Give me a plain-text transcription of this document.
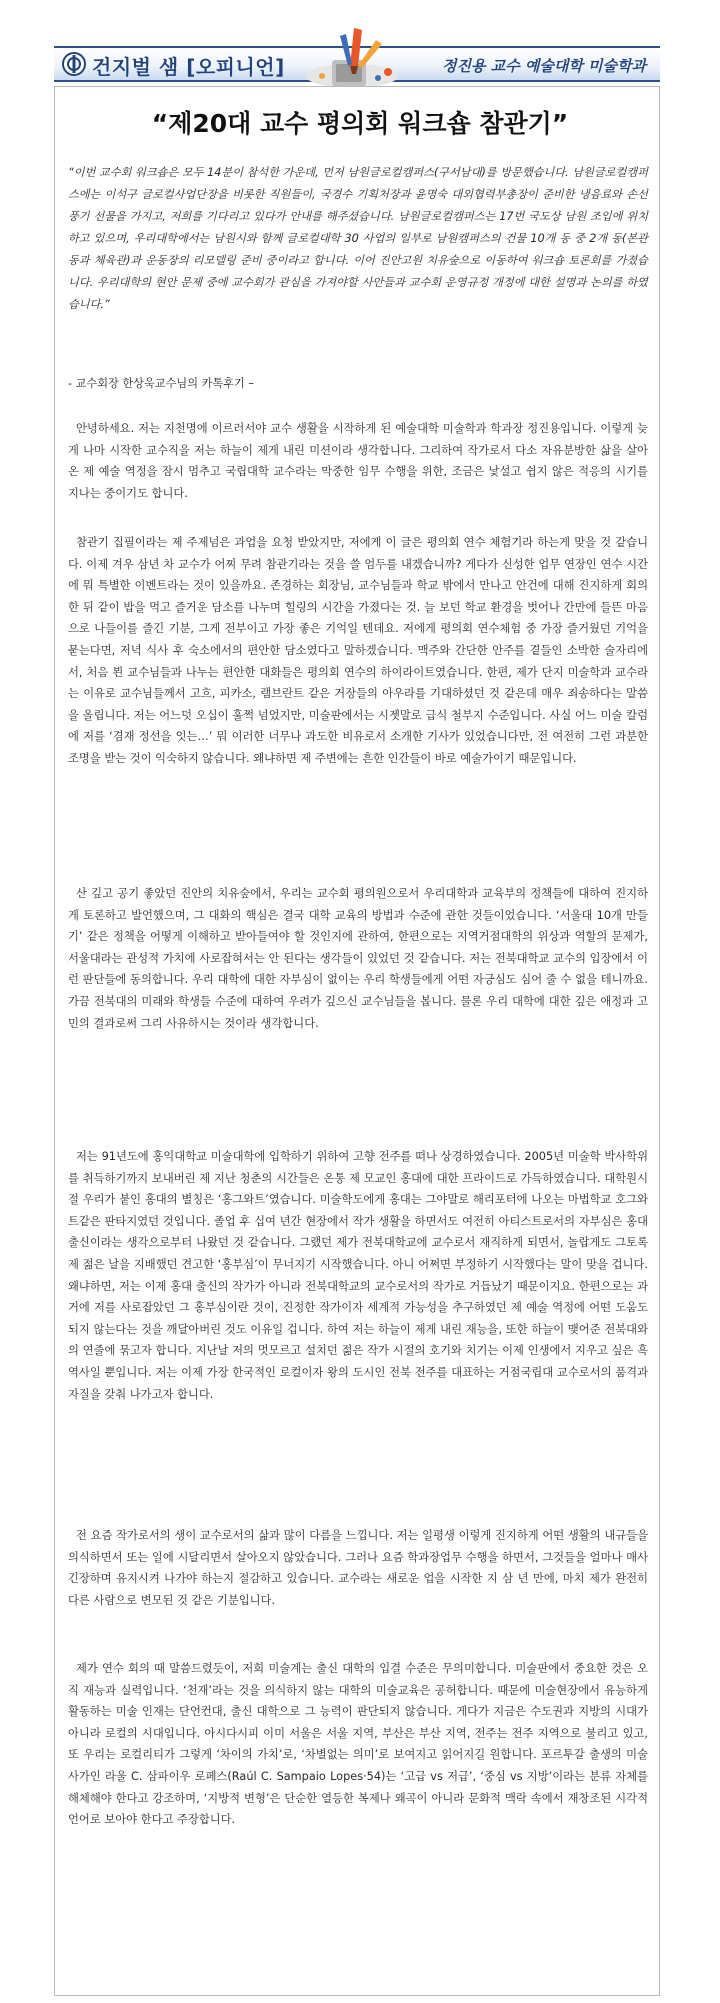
건지벌 샘 [오피니언]	정진용 교수 예술대학 미술학과
“제20대 교수 평의회 워크숍 참관기”

“이번 교수회 워크숍은 모두 14분이 참석한 가운데, 먼저 남원글로컬캠퍼스(구서남대)를 방문했습니다. 남원글로컬캠퍼스에는 이석구 글로컬사업단장을 비롯한 직원들이, 국경수 기획처장과 윤명숙 대외협력부총장이 준비한 냉음료와 손선풍기 선물을 가지고, 저희를 기다리고 있다가 안내를 해주셨습니다. 남원글로컬캠퍼스는 17번 국도상 남원 조입에 위치하고 있으며, 우리대학에서는 남원시와 함께 글로컬대학 30 사업의 일부로 남원캠퍼스의 건물 10개 동 중 2개 동(본관동과 체육관)과 운동장의 리모델링 준비 중이라고 합니다. 이어 진안고원 치유숲으로 이동하여 워크숍 토론회를 가졌습니다. 우리대학의 현안 문제 중에 교수회가 관심을 가져야할 사안들과 교수회 운영규정 개정에 대한 설명과 논의를 하였습니다.”

- 교수회장 한상욱교수님의 카톡후기 –

안녕하세요. 저는 지천명에 이르러서야 교수 생활을 시작하게 된 예술대학 미술학과 학과장 정진용입니다. 이렇게 늦게 나마 시작한 교수직을 저는 하늘이 제게 내린 미션이라 생각합니다. 그리하여 작가로서 다소 자유분방한 삶을 살아온 제 예술 역정을 잠시 멈추고 국립대학 교수라는 막중한 임무 수행을 위한, 조금은 낯설고 쉽지 않은 적응의 시기를 지나는 중이기도 합니다.

참관기 집필이라는 제 주제넘은 과업을 요청 받았지만, 저에게 이 글은 평의회 연수 체험기라 하는게 맞을 것 같습니다. 이제 겨우 삼년 차 교수가 어찌 무려 참관기라는 것을 쓸 엄두를 내겠습니까? 게다가 신성한 업무 연장인 연수 시간에 뭐 특별한 이벤트라는 것이 있을까요. 존경하는 회장님, 교수님들과 학교 밖에서 만나고 안건에 대해 진지하게 회의한 뒤 같이 밥을 먹고 즐거운 담소를 나누며 힐링의 시간을 가졌다는 것. 늘 보던 학교 환경을 벗어나 간만에 들뜬 마음으로 나들이를 즐긴 기분, 그게 전부이고 가장 좋은 기억일 텐데요. 저에게 평의회 연수체험 중 가장 즐거웠던 기억을 묻는다면, 저녁 식사 후 숙소에서의 편안한 담소였다고 말하겠습니다. 맥주와 간단한 안주를 곁들인 소박한 술자리에서, 처음 뵌 교수님들과 나누는 편안한 대화들은 평의회 연수의 하이라이트였습니다. 한편, 제가 단지 미술학과 교수라는 이유로 교수님들께서 고흐, 피카소, 램브란트 같은 거장들의 아우라를 기대하셨던 것 같은데 매우 죄송하다는 말씀을 올립니다. 저는 어느덧 오십이 훌쩍 넘었지만, 미술판에서는 시젯말로 급식 철부지 수준입니다. 사실 어느 미술 칼럼에 저를 ‘겸재 정선을 잇는…’ 뭐 이러한 너무나 과도한 비유로서 소개한 기사가 있었습니다만, 전 여전히 그런 과분한 조명을 받는 것이 익숙하지 않습니다. 왜냐하면 제 주변에는 흔한 인간들이 바로 예술가이기 때문입니다.

산 깊고 공기 좋았던 진안의 치유숲에서, 우리는 교수회 평의원으로서 우리대학과 교육부의 정책들에 대하여 진지하게 토론하고 발언했으며, 그 대화의 핵심은 결국 대학 교육의 방법과 수준에 관한 것들이었습니다. ‘서울대 10개 만들기’ 같은 정책을 어떻게 이해하고 받아들여야 할 것인지에 관하여, 한편으로는 지역거점대학의 위상과 역할의 문제가, 서울대라는 관성적 가치에 사로잡혀서는 안 된다는 생각들이 있었던 것 같습니다. 저는 전북대학교 교수의 입장에서 이런 판단들에 동의합니다. 우리 대학에 대한 자부심이 없이는 우리 학생들에게 어떤 자긍심도 심어 줄 수 없을 테니까요. 가끔 전북대의 미래와 학생들 수준에 대하여 우려가 깊으신 교수님들을 봅니다. 물론 우리 대학에 대한 깊은 애정과 고민의 결과로써 그리 사유하시는 것이라 생각합니다.

저는 91년도에 홍익대학교 미술대학에 입학하기 위하여 고향 전주를 떠나 상경하였습니다. 2005년 미술학 박사학위를 취득하기까지 보내버린 제 지난 청춘의 시간들은 온통 제 모교인 홍대에 대한 프라이드로 가득하였습니다. 대학원시절 우리가 붙인 홍대의 별칭은 ‘홍그와트’였습니다. 미술학도에게 홍대는 그야말로 해리포터에 나오는 마법학교 호그와트같은 판타지였던 것입니다. 졸업 후 십여 년간 현장에서 작가 생활을 하면서도 여전히 아티스트로서의 자부심은 홍대 출신이라는 생각으로부터 나왔던 것 같습니다. 그랬던 제가 전북대학교에 교수로서 재직하게 되면서, 놀랍게도 그토록 제 젊은 날을 지배했던 견고한 ‘홍부심’이 무너지기 시작했습니다. 아니 어쩌면 부정하기 시작했다는 말이 맞을 겁니다. 왜냐하면, 저는 이제 홍대 출신의 작가가 아니라 전북대학교의 교수로서의 작가로 거듭났기 때문이지요. 한편으로는 과거에 저를 사로잡았던 그 홍부심이란 것이, 진정한 작가이자 세계적 가능성을 추구하였던 제 예술 역정에 어떤 도움도 되지 않는다는 것을 깨달아버린 것도 이유일 겁니다. 하여 저는 하늘이 제게 내린 재능을, 또한 하늘이 맺어준 전북대와의 연줄에 묶고자 합니다. 지난날 저의 멋모르고 설치던 젊은 작가 시절의 호기와 치기는 이제 인생에서 지우고 싶은 흑역사일 뿐입니다. 저는 이제 가장 한국적인 로컬이자 왕의 도시인 전북 전주를 대표하는 거점국립대 교수로서의 품격과 자질을 갖춰 나가고자 합니다.

전 요즘 작가로서의 생이 교수로서의 삶과 많이 다름을 느낍니다. 저는 일평생 이렇게 진지하게 어떤 생활의 내규들을 의식하면서 또는 일에 시달리면서 살아오지 않았습니다. 그러나 요즘 학과장업무 수행을 하면서, 그것들을 얼마나 매사 긴장하며 유지시켜 나가야 하는지 절감하고 있습니다. 교수라는 새로운 업을 시작한 지 삼 년 만에, 마치 제가 완전히 다른 사람으로 변모된 것 같은 기분입니다.

제가 연수 회의 때 말씀드렸듯이, 저희 미술계는 출신 대학의 입결 수준은 무의미합니다. 미술판에서 중요한 것은 오직 재능과 실력입니다. ‘천재’라는 것을 의식하지 않는 대학의 미술교육은 공허합니다. 때문에 미술현장에서 유능하게 활동하는 미술 인재는 단언컨대, 출신 대학으로 그 능력이 판단되지 않습니다. 게다가 지금은 수도권과 지방의 시대가 아니라 로컬의 시대입니다. 아시다시피 이미 서울은 서울 지역, 부산은 부산 지역, 전주는 전주 지역으로 불리고 있고, 또 우리는 로컬리티가 그렇게 ‘차이의 가치’로, ‘차별없는 의미’로 보여지고 읽어지길 원합니다. 포르투갈 출생의 미술사가인 라울 C. 삼파이우 로페스(Raúl C. Sampaio Lopes·54)는 ‘고급 vs 저급’, ‘중심 vs 지방’이라는 분류 자체를 해체해야 한다고 강조하며, ‘지방적 변형’은 단순한 열등한 복제나 왜곡이 아니라 문화적 맥락 속에서 재창조된 시각적 언어로 보아야 한다고 주장합니다.
